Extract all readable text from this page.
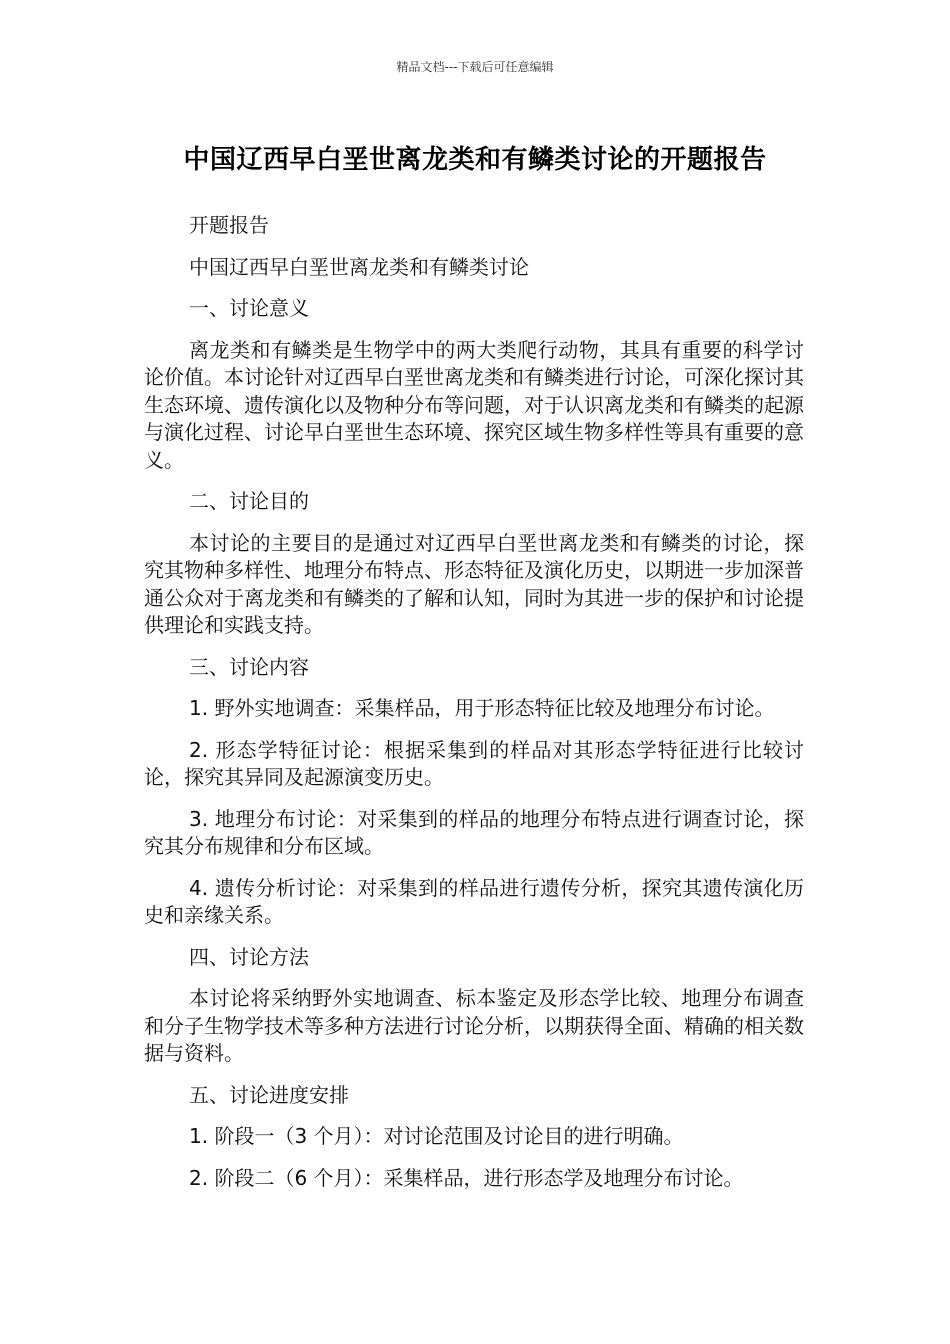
精品文档---下载后可任意编辑
中国辽西早白垩世离龙类和有鳞类讨论的开题报告

开题报告

中国辽西早白垩世离龙类和有鳞类讨论

一、讨论意义

离龙类和有鳞类是生物学中的两大类爬行动物，其具有重要的科学讨论价值。本讨论针对辽西早白垩世离龙类和有鳞类进行讨论，可深化探讨其生态环境、遗传演化以及物种分布等问题，对于认识离龙类和有鳞类的起源与演化过程、讨论早白垩世生态环境、探究区域生物多样性等具有重要的意义。

二、讨论目的

本讨论的主要目的是通过对辽西早白垩世离龙类和有鳞类的讨论，探究其物种多样性、地理分布特点、形态特征及演化历史，以期进一步加深普通公众对于离龙类和有鳞类的了解和认知，同时为其进一步的保护和讨论提供理论和实践支持。

三、讨论内容

1. 野外实地调查：采集样品，用于形态特征比较及地理分布讨论。

2. 形态学特征讨论：根据采集到的样品对其形态学特征进行比较讨论，探究其异同及起源演变历史。

3. 地理分布讨论：对采集到的样品的地理分布特点进行调查讨论，探究其分布规律和分布区域。

4. 遗传分析讨论：对采集到的样品进行遗传分析，探究其遗传演化历史和亲缘关系。

四、讨论方法

本讨论将采纳野外实地调查、标本鉴定及形态学比较、地理分布调查和分子生物学技术等多种方法进行讨论分析，以期获得全面、精确的相关数据与资料。

五、讨论进度安排

1. 阶段一（3 个月）：对讨论范围及讨论目的进行明确。

2. 阶段二（6 个月）：采集样品，进行形态学及地理分布讨论。
